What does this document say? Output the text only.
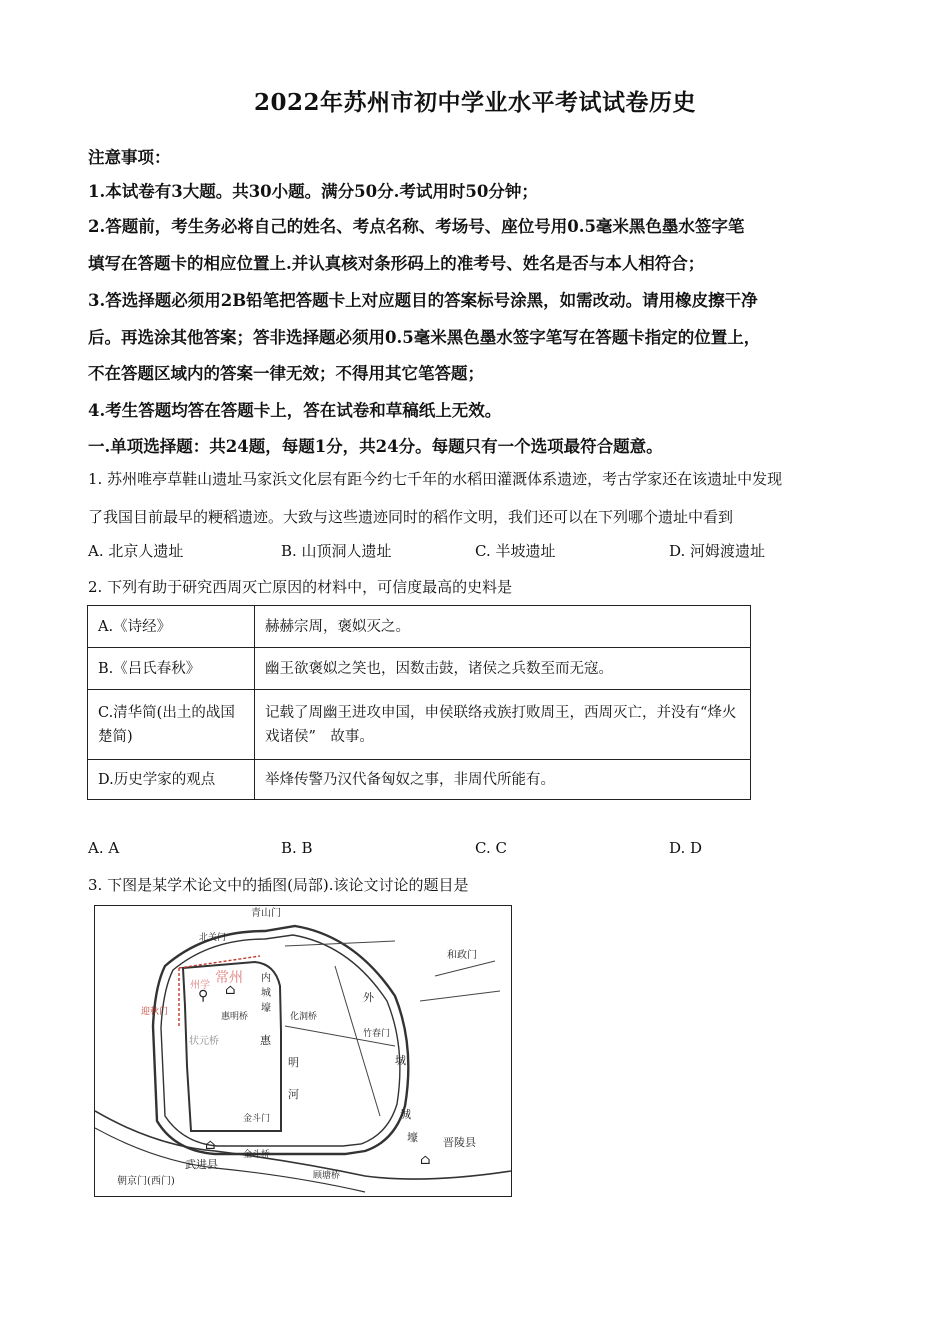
2022年苏州市初中学业水平考试试卷历史
注意事项：
1.本试卷有3大题。共30小题。满分50分.考试用时50分钟；
2.答题前，考生务必将自己的姓名、考点名称、考场号、座位号用0.5毫米黑色墨水签字笔
填写在答题卡的相应位置上.并认真核对条形码上的准考号、姓名是否与本人相符合；
3.答选择题必须用2B铅笔把答题卡上对应题目的答案标号涂黑，如需改动。请用橡皮擦干净
后。再选涂其他答案；答非选择题必须用0.5毫米黑色墨水签字笔写在答题卡指定的位置上，
不在答题区域内的答案一律无效；不得用其它笔答题；
4.考生答题均答在答题卡上，答在试卷和草稿纸上无效。
一.单项选择题：共24题，每题1分，共24分。每题只有一个选项最符合题意。
1. 苏州唯亭草鞋山遗址马家浜文化层有距今约七千年的水稻田灌溉体系遗迹，考古学家还在该遗址中发现
了我国目前最早的粳稻遗迹。大致与这些遗迹同时的稻作文明，我们还可以在下列哪个遗址中看到
A. 北京人遗址	B. 山顶洞人遗址	C. 半坡遗址	D. 河姆渡遗址
2. 下列有助于研究西周灭亡原因的材料中，可信度最高的史料是
A.《诗经》	赫赫宗周，褒姒灭之。
B.《吕氏春秋》	幽王欲褒姒之笑也，因数击鼓，诸侯之兵数至而无寇。
C.清华简(出土的战国楚简)	记载了周幽王进攻申国，申侯联络戎族打败周王，西周灭亡，并没有“烽火戏诸侯”　故事。
D.历史学家的观点	举烽传警乃汉代备匈奴之事，非周代所能有。
A. A	B. B	C. C	D. D
3. 下图是某学术论文中的插图(局部).该论文讨论的题目是
⚲ ⌂
⌂
⌂
青山门
北关门
和政门
常州
州学
内
城
壕
外
迎秋门	惠明桥	化洞桥
状元桥	惠
明
河
竹春门
城
城
壕
金斗门
金斗桥
武进县
晋陵县
顾塘桥
朝京门(西门)
